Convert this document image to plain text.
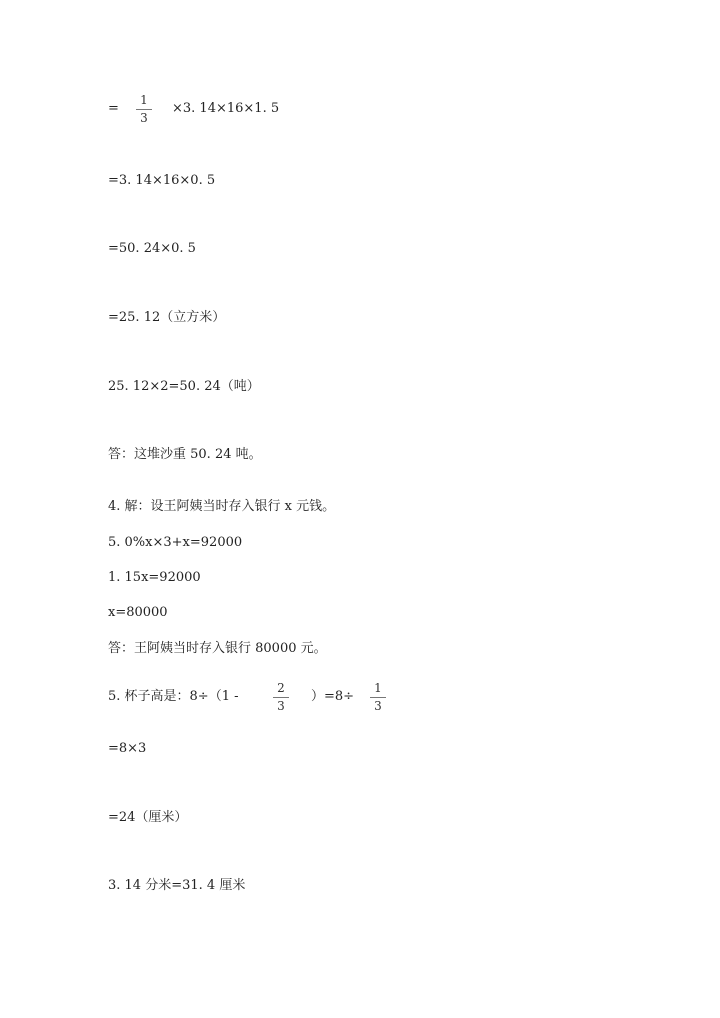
=
1
3
×3. 14×16×1. 5
=3. 14×16×0. 5
=50. 24×0. 5
=25. 12（立方米）
25. 12×2=50. 24（吨）
答：这堆沙重 50. 24 吨。
4. 解：设王阿姨当时存入银行 x 元钱。
5. 0%x×3+x=92000
1. 15x=92000
x=80000
答：王阿姨当时存入银行 80000 元。
5. 杯子高是：8÷（1 -
2
3
）=8÷
1
3
=8×3
=24（厘米）
3. 14 分米=31. 4 厘米
